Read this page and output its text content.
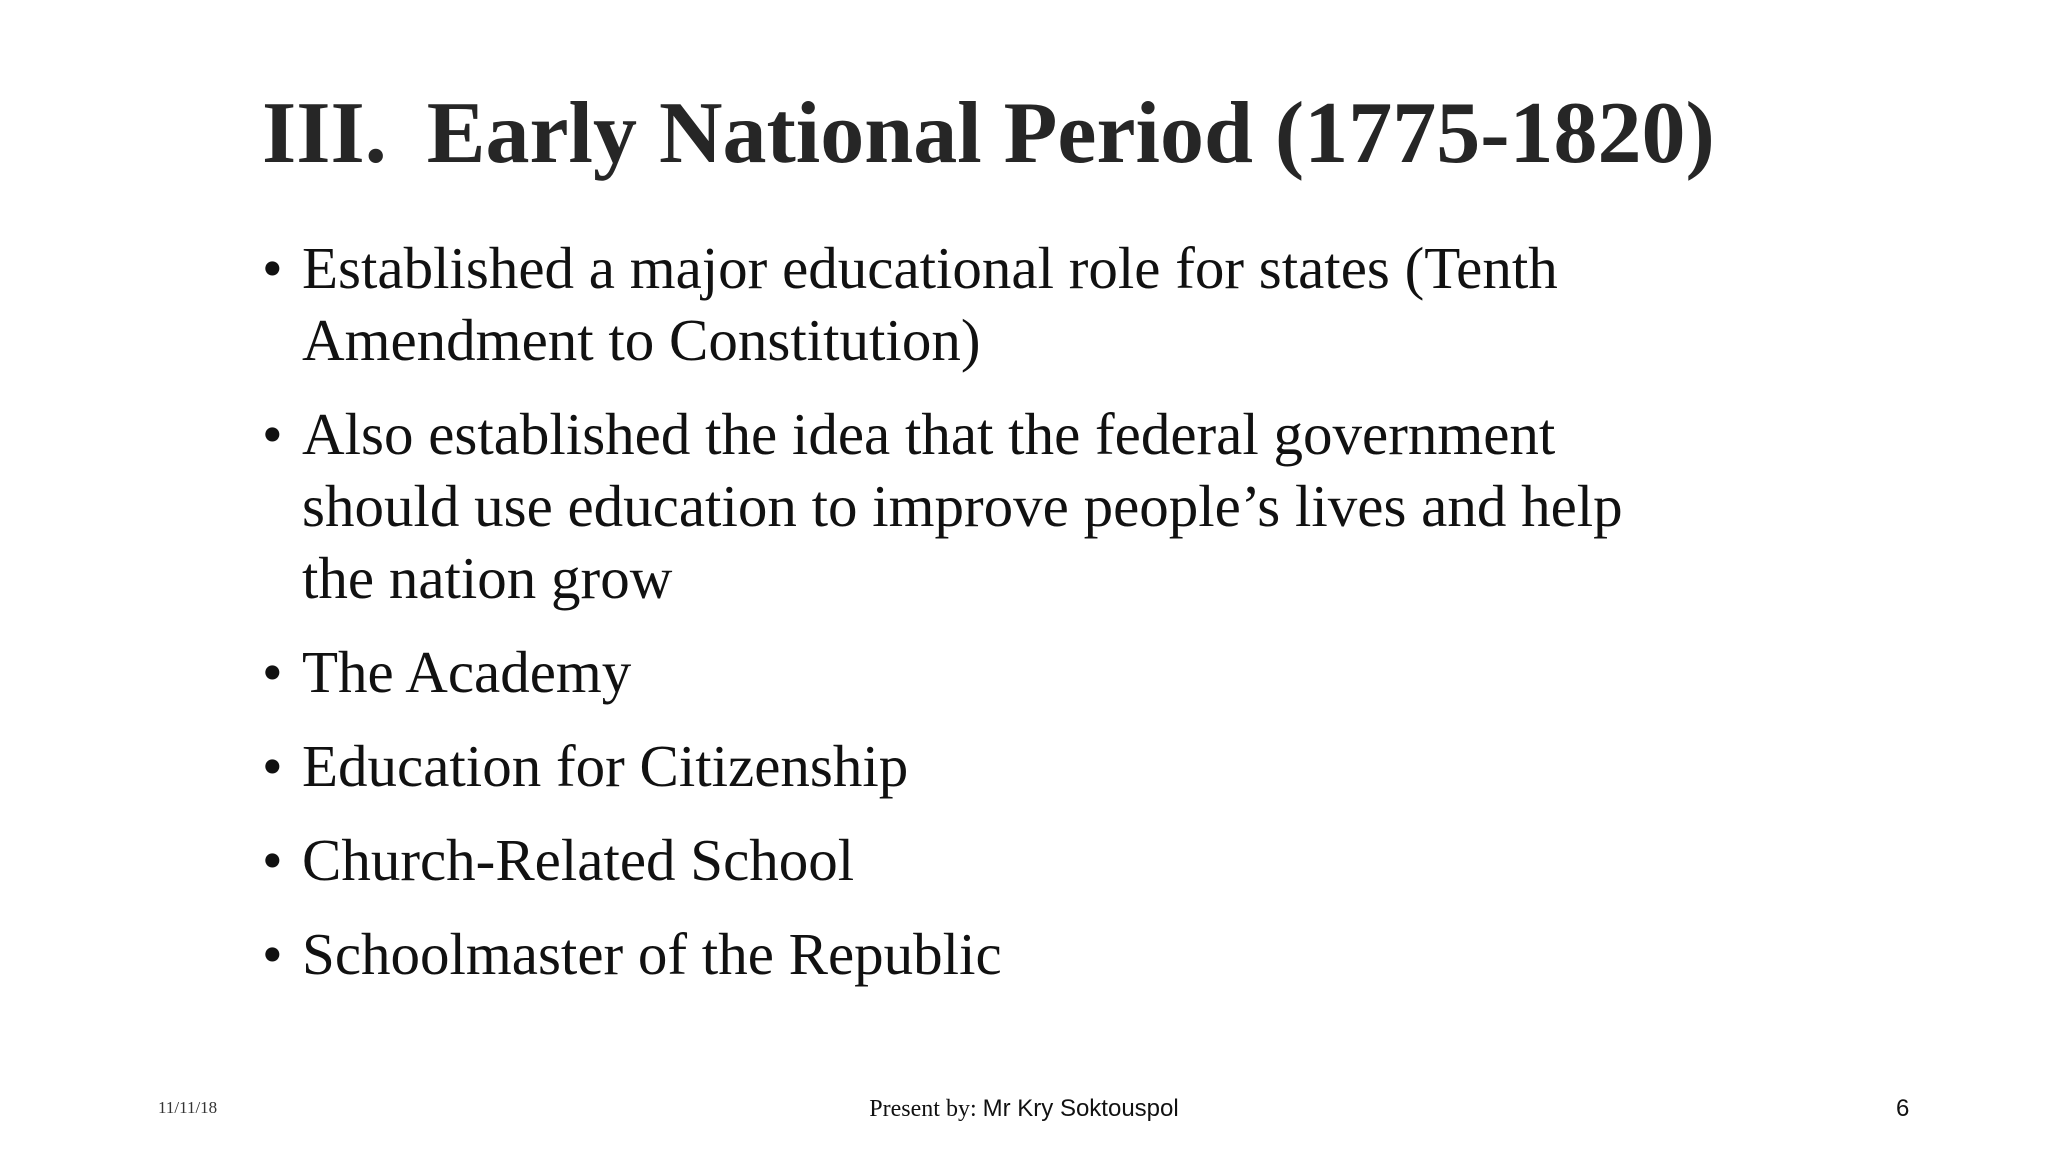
III. Early National Period (1775-1820)
• Established a major educational role for states (Tenth Amendment to Constitution)
• Also established the idea that the federal government should use education to improve people’s lives and help the nation grow
• The Academy
• Education for Citizenship
• Church-Related School
• Schoolmaster of the Republic
11/11/18	Present by: Mr Kry Soktouspol	6
